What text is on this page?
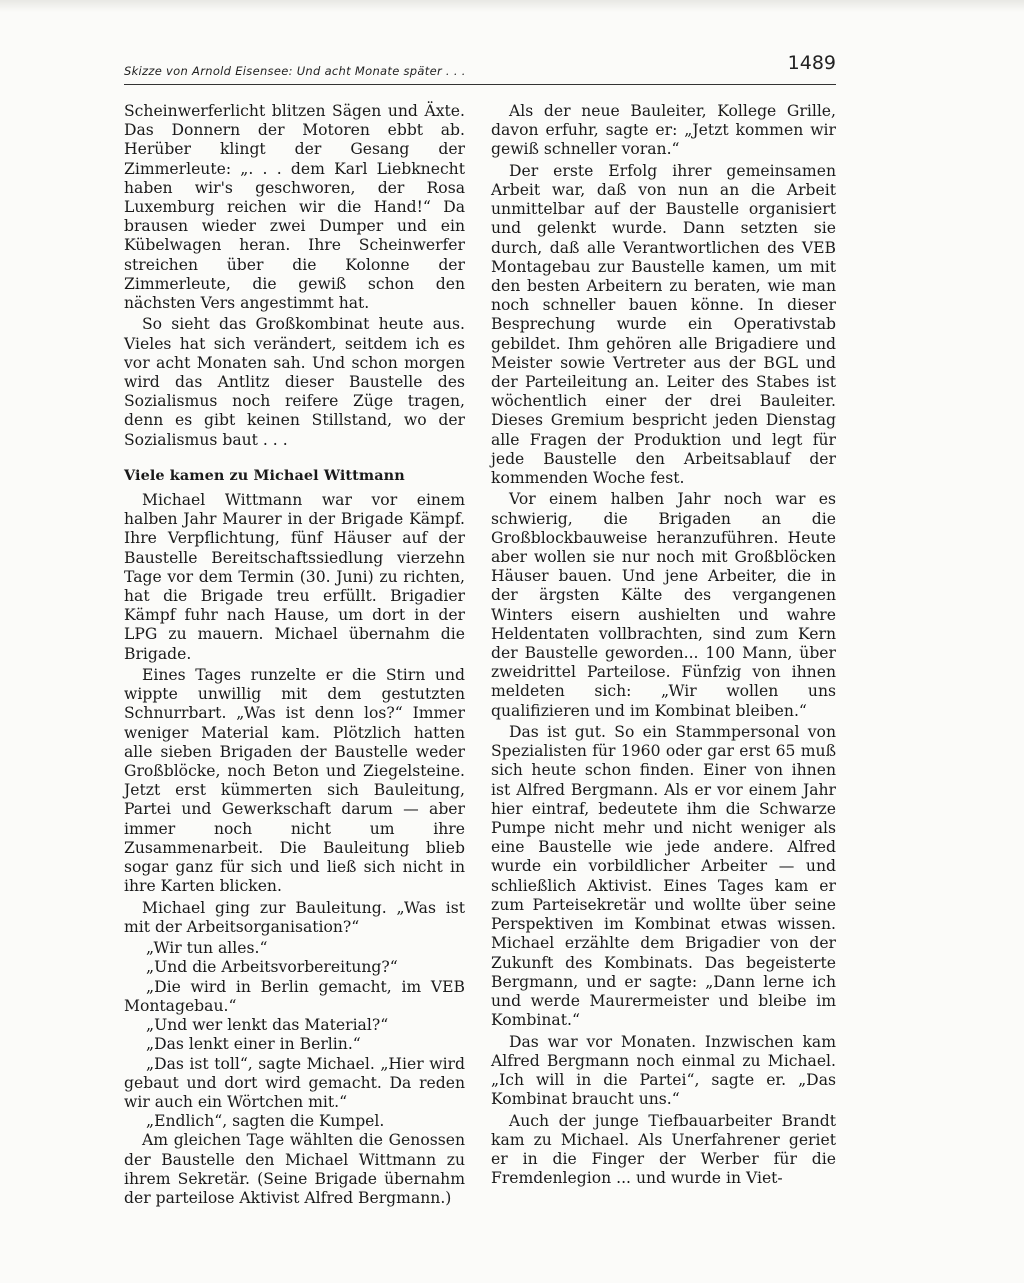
Skizze von Arnold Eisensee: Und acht Monate später . . .	1489

Scheinwerferlicht blitzen Sägen und Äxte. Das Donnern der Motoren ebbt ab. Herüber klingt der Gesang der Zimmerleute: „. . . dem Karl Liebknecht haben wir's geschworen, der Rosa Luxemburg reichen wir die Hand!“ Da brausen wieder zwei Dumper und ein Kübelwagen heran. Ihre Scheinwerfer streichen über die Kolonne der Zimmerleute, die gewiß schon den nächsten Vers angestimmt hat.

So sieht das Großkombinat heute aus. Vieles hat sich verändert, seitdem ich es vor acht Monaten sah. Und schon morgen wird das Antlitz dieser Baustelle des Sozialismus noch reifere Züge tragen, denn es gibt keinen Stillstand, wo der Sozialismus baut . . .

Viele kamen zu Michael Wittmann

Michael Wittmann war vor einem halben Jahr Maurer in der Brigade Kämpf. Ihre Verpflichtung, fünf Häuser auf der Baustelle Bereitschaftssiedlung vierzehn Tage vor dem Termin (30. Juni) zu richten, hat die Brigade treu erfüllt. Brigadier Kämpf fuhr nach Hause, um dort in der LPG zu mauern. Michael übernahm die Brigade.

Eines Tages runzelte er die Stirn und wippte unwillig mit dem gestutzten Schnurrbart. „Was ist denn los?“ Immer weniger Material kam. Plötzlich hatten alle sieben Brigaden der Baustelle weder Großblöcke, noch Beton und Ziegelsteine. Jetzt erst kümmerten sich Bauleitung, Partei und Gewerkschaft darum — aber immer noch nicht um ihre Zusammenarbeit. Die Bauleitung blieb sogar ganz für sich und ließ sich nicht in ihre Karten blicken.

Michael ging zur Bauleitung. „Was ist mit der Arbeitsorganisation?“

„Wir tun alles.“

„Und die Arbeitsvorbereitung?“

„Die wird in Berlin gemacht, im VEB Montagebau.“

„Und wer lenkt das Material?“

„Das lenkt einer in Berlin.“

„Das ist toll“, sagte Michael. „Hier wird gebaut und dort wird gemacht. Da reden wir auch ein Wörtchen mit.“

„Endlich“, sagten die Kumpel.

Am gleichen Tage wählten die Genossen der Baustelle den Michael Wittmann zu ihrem Sekretär. (Seine Brigade übernahm der parteilose Aktivist Alfred Bergmann.)

Als der neue Bauleiter, Kollege Grille, davon erfuhr, sagte er: „Jetzt kommen wir gewiß schneller voran.“

Der erste Erfolg ihrer gemeinsamen Arbeit war, daß von nun an die Arbeit unmittelbar auf der Baustelle organisiert und gelenkt wurde. Dann setzten sie durch, daß alle Verantwortlichen des VEB Montagebau zur Baustelle kamen, um mit den besten Arbeitern zu beraten, wie man noch schneller bauen könne. In dieser Besprechung wurde ein Operativstab gebildet. Ihm gehören alle Brigadiere und Meister sowie Vertreter aus der BGL und der Parteileitung an. Leiter des Stabes ist wöchentlich einer der drei Bauleiter. Dieses Gremium bespricht jeden Dienstag alle Fragen der Produktion und legt für jede Baustelle den Arbeitsablauf der kommenden Woche fest.

Vor einem halben Jahr noch war es schwierig, die Brigaden an die Großblockbauweise heranzuführen. Heute aber wollen sie nur noch mit Großblöcken Häuser bauen. Und jene Arbeiter, die in der ärgsten Kälte des vergangenen Winters eisern aushielten und wahre Heldentaten vollbrachten, sind zum Kern der Baustelle geworden... 100 Mann, über zweidrittel Parteilose. Fünfzig von ihnen meldeten sich: „Wir wollen uns qualifizieren und im Kombinat bleiben.“

Das ist gut. So ein Stammpersonal von Spezialisten für 1960 oder gar erst 65 muß sich heute schon finden. Einer von ihnen ist Alfred Bergmann. Als er vor einem Jahr hier eintraf, bedeutete ihm die Schwarze Pumpe nicht mehr und nicht weniger als eine Baustelle wie jede andere. Alfred wurde ein vorbildlicher Arbeiter — und schließlich Aktivist. Eines Tages kam er zum Parteisekretär und wollte über seine Perspektiven im Kombinat etwas wissen. Michael erzählte dem Brigadier von der Zukunft des Kombinats. Das begeisterte Bergmann, und er sagte: „Dann lerne ich und werde Maurermeister und bleibe im Kombinat.“

Das war vor Monaten. Inzwischen kam Alfred Bergmann noch einmal zu Michael. „Ich will in die Partei“, sagte er. „Das Kombinat braucht uns.“

Auch der junge Tiefbauarbeiter Brandt kam zu Michael. Als Unerfahrener geriet er in die Finger der Werber für die Fremdenlegion ... und wurde in Viet-
